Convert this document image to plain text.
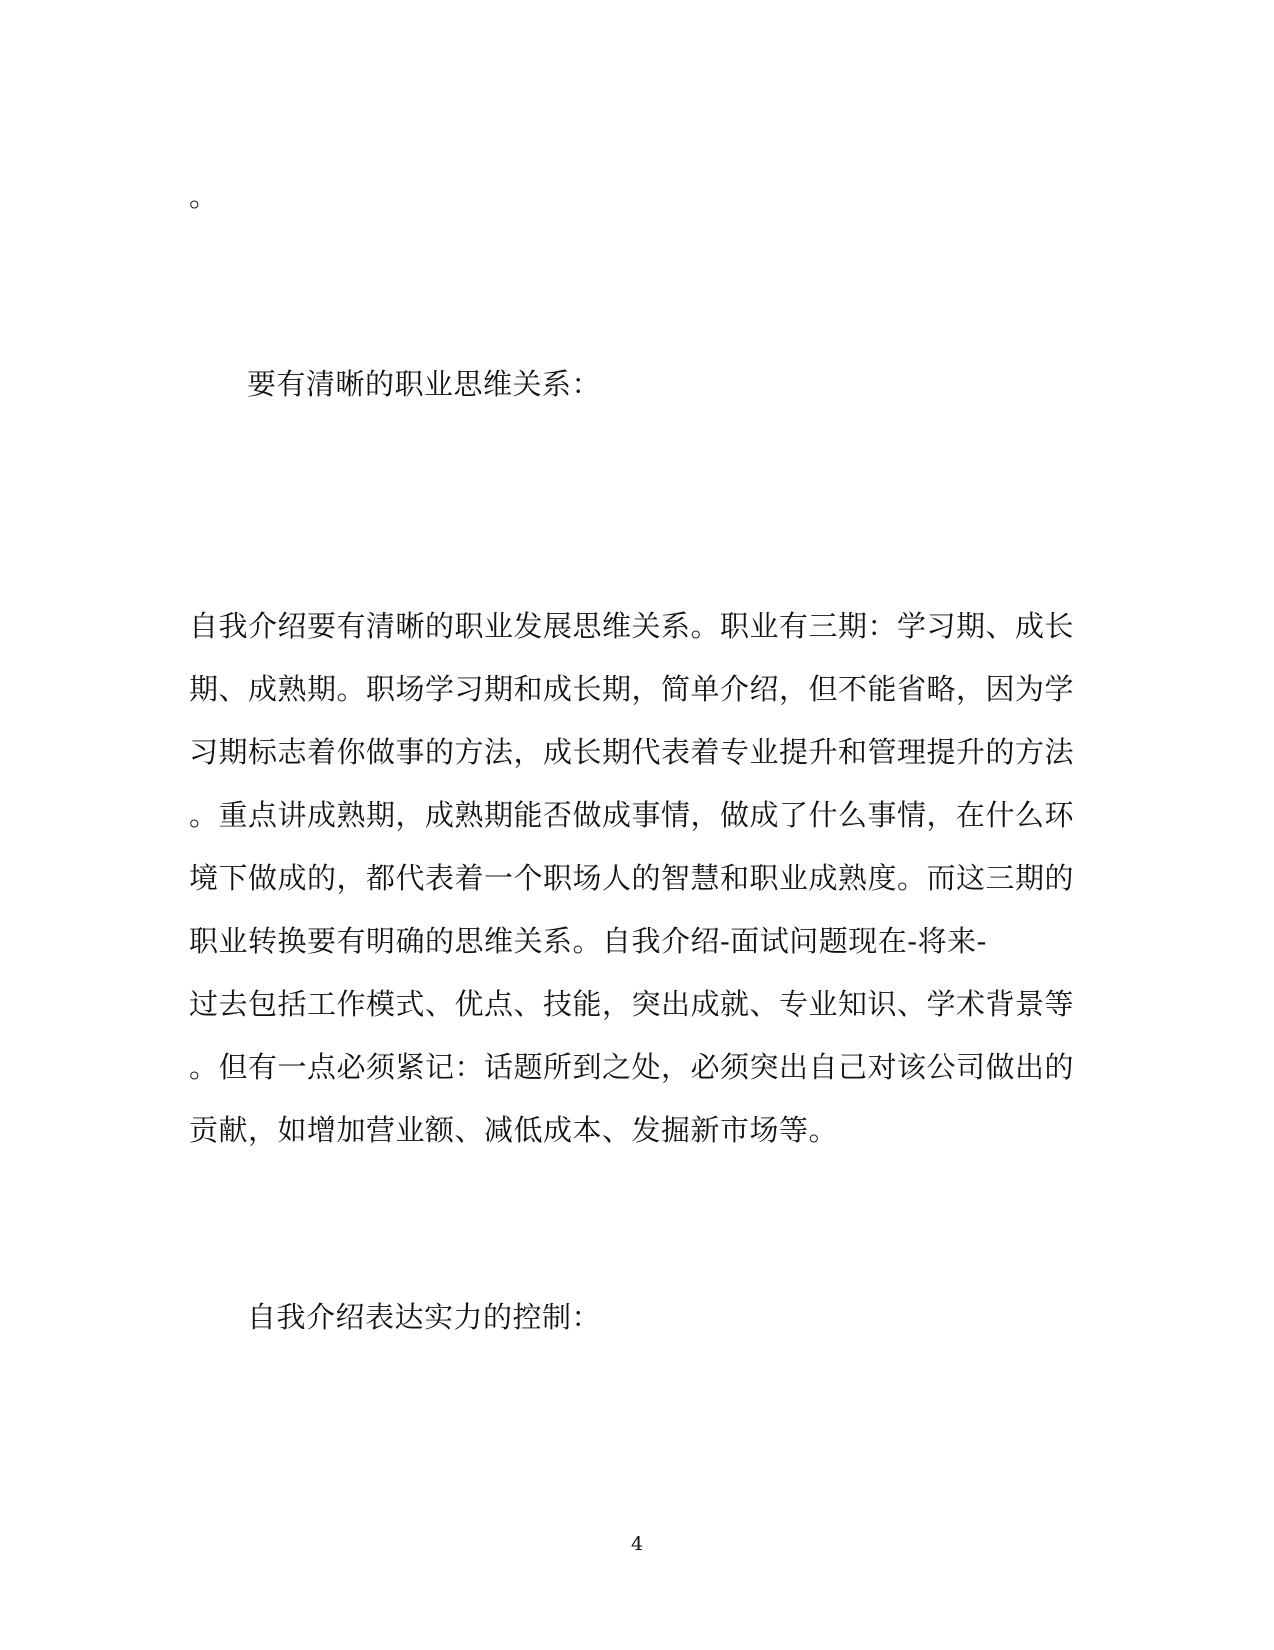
。

要有清晰的职业思维关系：

自我介绍要有清晰的职业发展思维关系。职业有三期：学习期、成长

期、成熟期。职场学习期和成长期，简单介绍，但不能省略，因为学

习期标志着你做事的方法，成长期代表着专业提升和管理提升的方法

。重点讲成熟期，成熟期能否做成事情，做成了什么事情，在什么环

境下做成的，都代表着一个职场人的智慧和职业成熟度。而这三期的

职业转换要有明确的思维关系。自我介绍-面试问题现在-将来-

过去包括工作模式、优点、技能，突出成就、专业知识、学术背景等

。但有一点必须紧记：话题所到之处，必须突出自己对该公司做出的

贡献，如增加营业额、减低成本、发掘新市场等。

自我介绍表达实力的控制：

4
